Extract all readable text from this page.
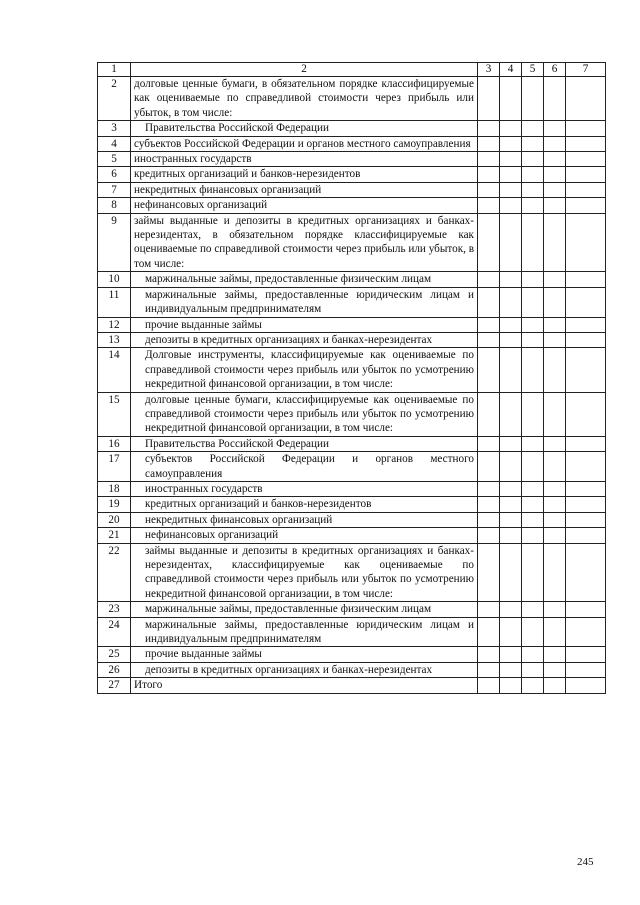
1	2	3	4	5	6	7
2	долговые ценные бумаги, в обязательном порядке классифицируемые как оцениваемые по справедливой стоимости через прибыль или убыток, в том числе:					
3	Правительства Российской Федерации					
4	субъектов Российской Федерации и органов местного самоуправления					
5	иностранных государств					
6	кредитных организаций и банков-нерезидентов					
7	некредитных финансовых организаций					
8	нефинансовых организаций					
9	займы выданные и депозиты в кредитных организациях и банках-нерезидентах, в обязательном порядке классифицируемые как оцениваемые по справедливой стоимости через прибыль или убыток, в том числе:					
10	маржинальные займы, предоставленные физическим лицам					
11	маржинальные займы, предоставленные юридическим лицам и индивидуальным предпринимателям					
12	прочие выданные займы					
13	депозиты в кредитных организациях и банках-нерезидентах					
14	Долговые инструменты, классифицируемые как оцениваемые по справедливой стоимости через прибыль или убыток по усмотрению некредитной финансовой организации, в том числе:					
15	долговые ценные бумаги, классифицируемые как оцениваемые по справедливой стоимости через прибыль или убыток по усмотрению некредитной финансовой организации, в том числе:					
16	Правительства Российской Федерации					
17	субъектов Российской Федерации и органов местного самоуправления					
18	иностранных государств					
19	кредитных организаций и банков-нерезидентов					
20	некредитных финансовых организаций					
21	нефинансовых организаций					
22	займы выданные и депозиты в кредитных организациях и банках-нерезидентах, классифицируемые как оцениваемые по справедливой стоимости через прибыль или убыток по усмотрению некредитной финансовой организации, в том числе:					
23	маржинальные займы, предоставленные физическим лицам					
24	маржинальные займы, предоставленные юридическим лицам и индивидуальным предпринимателям					
25	прочие выданные займы					
26	депозиты в кредитных организациях и банках-нерезидентах					
27	Итого					
245
